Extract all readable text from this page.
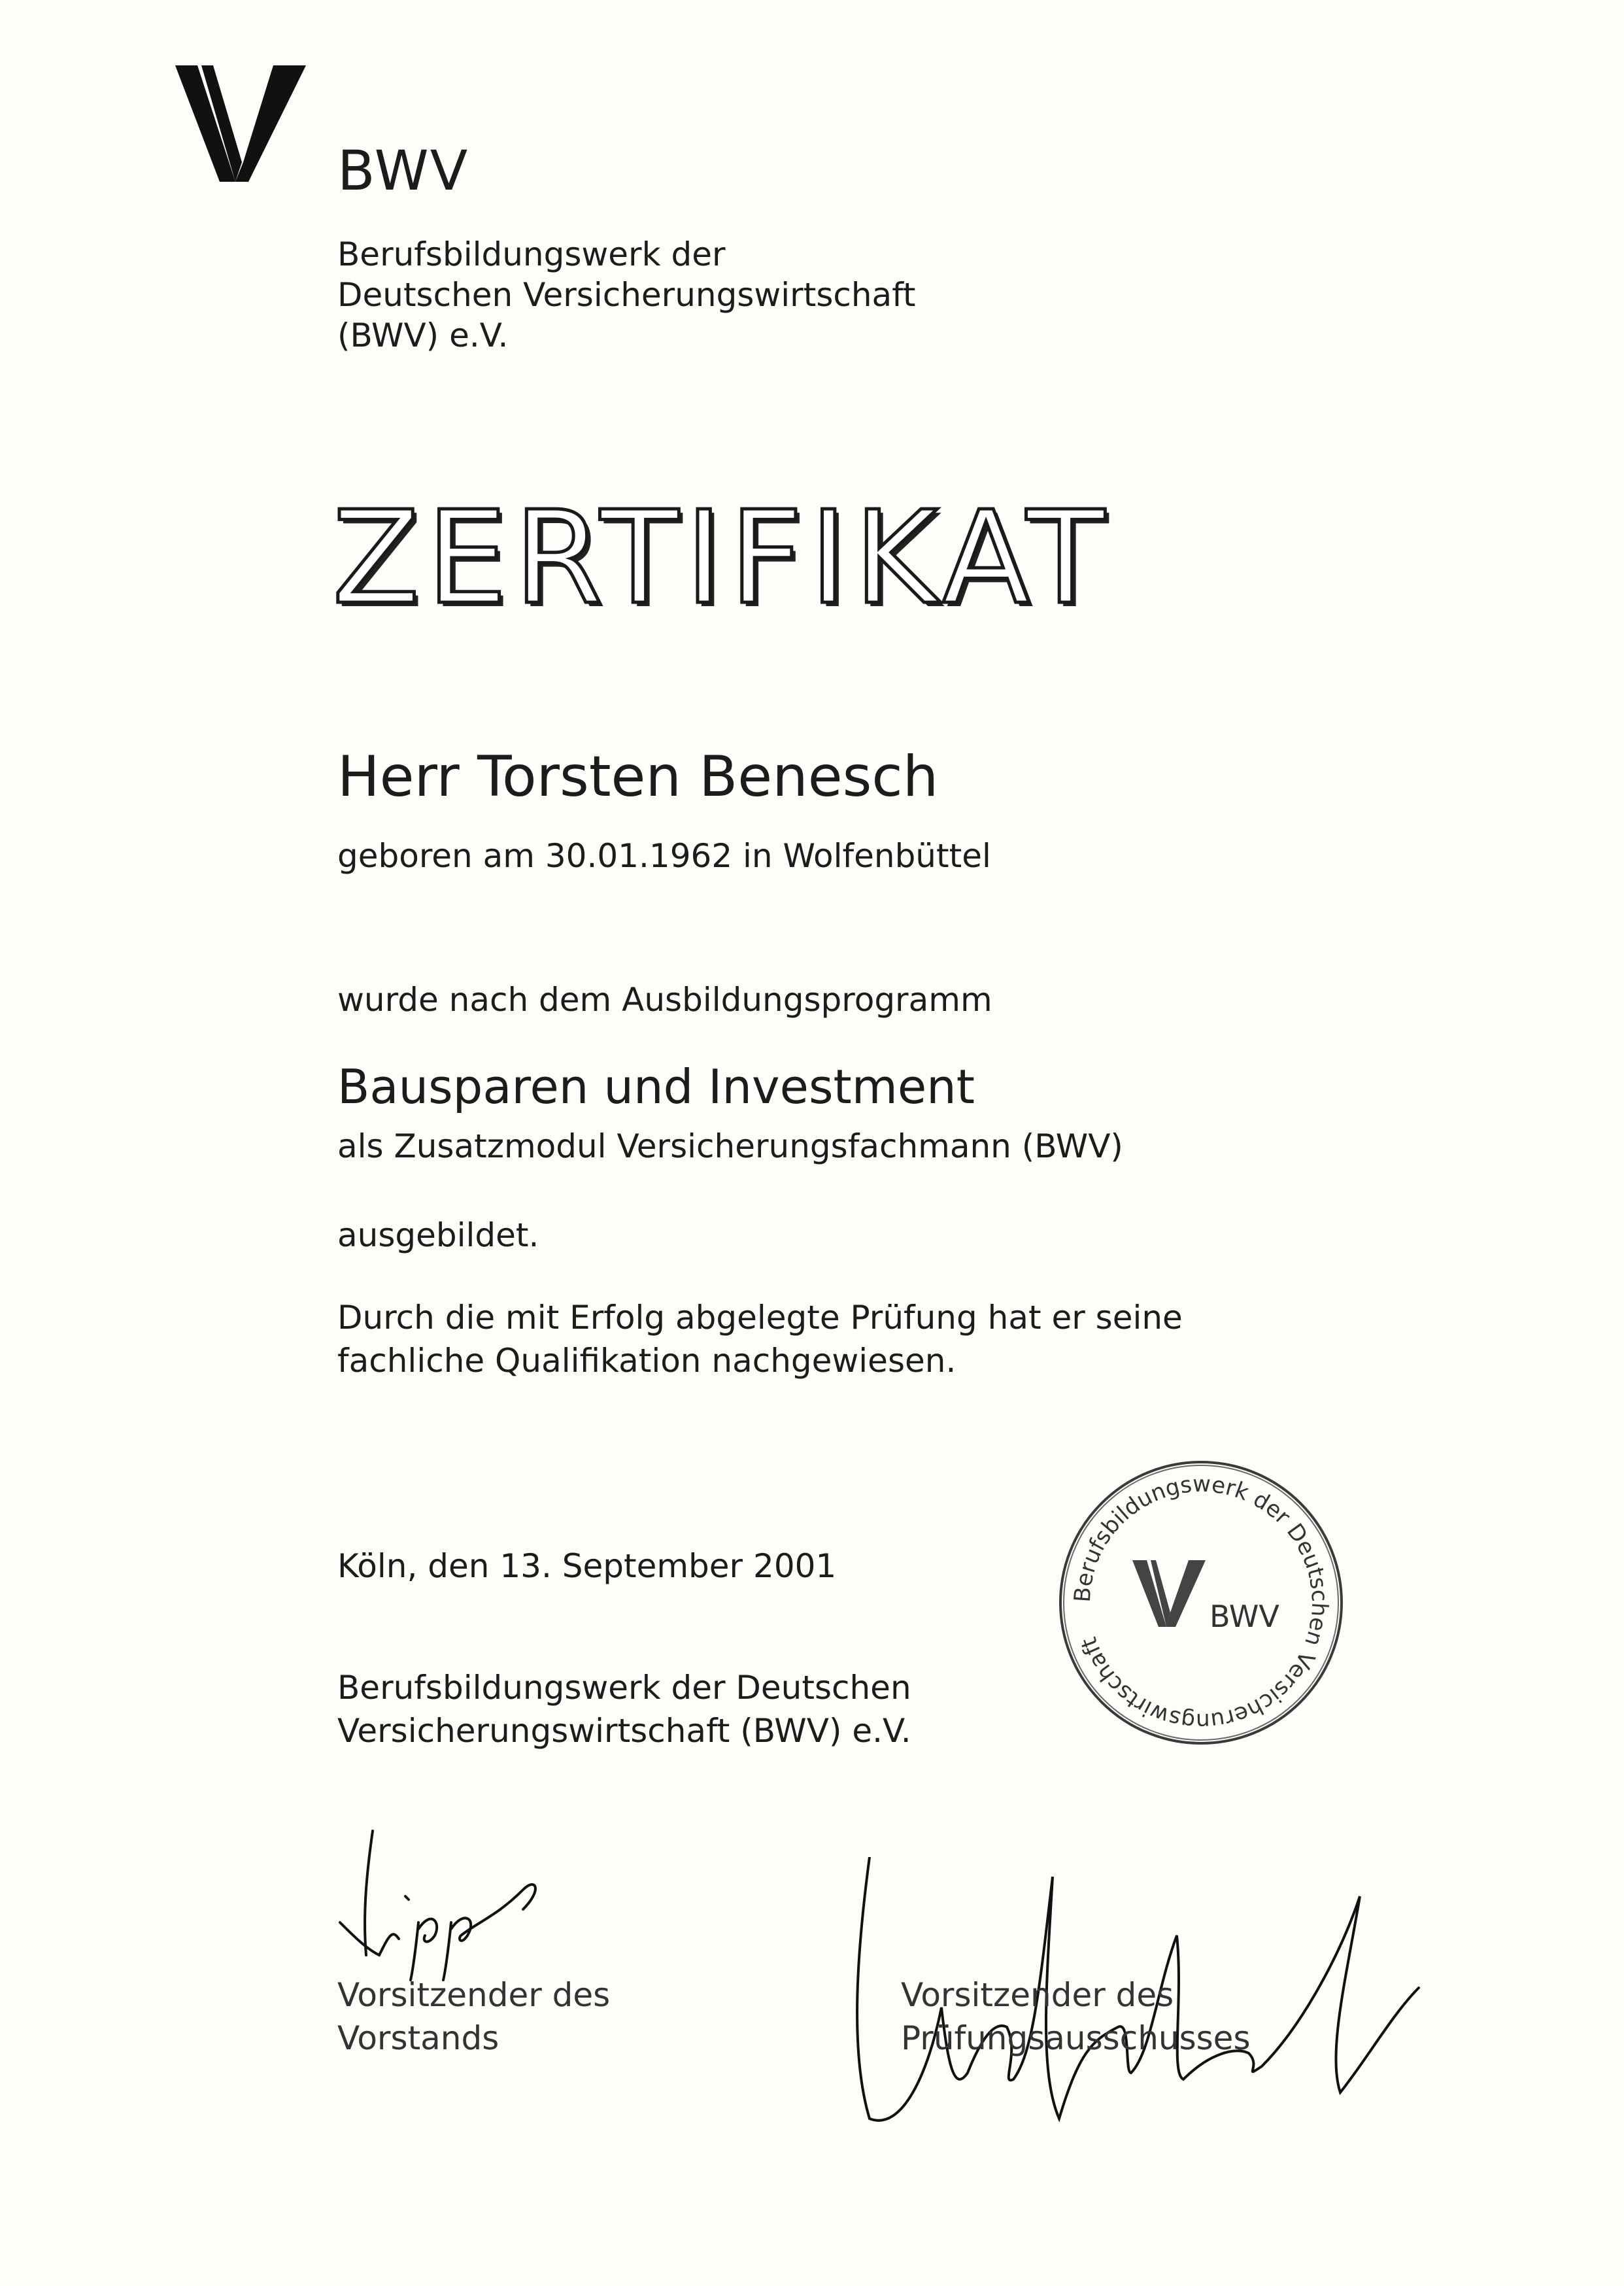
BWV
Berufsbildungswerk der
Deutschen Versicherungswirtschaft
(BWV) e.V.
ZERTIFIKAT
Herr Torsten Benesch
geboren am 30.01.1962 in Wolfenbüttel
wurde nach dem Ausbildungsprogramm
Bausparen und Investment
als Zusatzmodul Versicherungsfachmann (BWV)
ausgebildet.
Durch die mit Erfolg abgelegte Prüfung hat er seine
fachliche Qualifikation nachgewiesen.
Köln, den 13. September 2001
Berufsbildungswerk der Deutschen
Versicherungswirtschaft (BWV) e.V.
Berufsbildungswerk der Deutschen Versicherungswirtschaft
BWV
Vorsitzender des
Vorstands
Vorsitzender des
Prüfungsausschusses
